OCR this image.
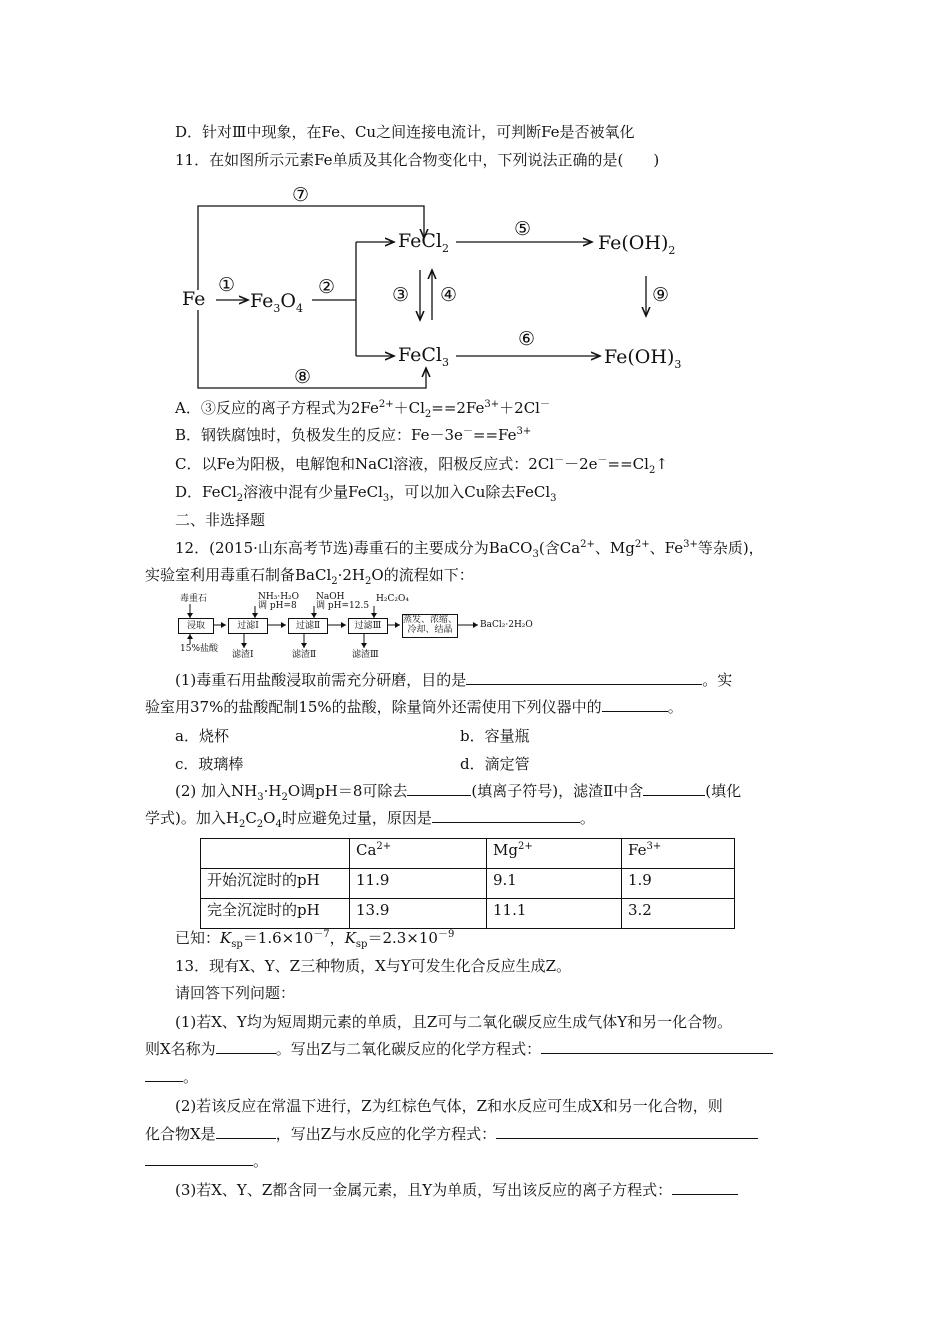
D．针对Ⅲ中现象，在Fe、Cu之间连接电流计，可判断Fe是否被氧化
11．在如图所示元素Fe单质及其化合物变化中，下列说法正确的是(　　)
Fe $Fe_3O_4$
FeCl$_2$
FeCl$_3$
$Fe(OH)_2$
$Fe(OH)_3$
⑦
①	②
⑤
③ ④	⑨
⑥
⑧
A．③反应的离子方程式为$2Fe^{2+}+Cl_2==2Fe^{3+}+2Cl^-$
B．钢铁腐蚀时，负极发生的反应：$Fe-3e^-==Fe^{3+}$
C．以Fe为阳极，电解饱和NaCl溶液，阳极反应式：$2Cl^--2e^-==Cl_2↑$
D．FeCl$_2$溶液中混有少量FeCl$_3$，可以加入Cu除去FeCl$_3$
二、非选择题
12．(2015·山东高考节选)毒重石的主要成分为BaCO$_3$(含$Ca^{2+}$、$Mg^{2+}$、$Fe^{3+}$等杂质)，
实验室利用毒重石制备$BaCl_2\cdot 2H_2O$的流程如下：
毒重石	NH₃·H₂O
调 pH=8
NaOH
调 pH=12.5
H₂C₂O₄
浸取	过滤Ⅰ	过滤Ⅱ	过滤Ⅲ
蒸发、浓缩、
冷却、结晶	BaCl₂·2H₂O
15%盐酸
滤渣Ⅰ	滤渣Ⅱ	滤渣Ⅲ
(1)毒重石用盐酸浸取前需充分研磨，目的是	。实
验室用37%的盐酸配制15%的盐酸，除量筒外还需使用下列仪器中的	。
a．烧杯	b．容量瓶
c．玻璃棒	d．滴定管
(2) 加入$NH_3\cdot H_2O$调pH＝8可除去	(填离子符号)，滤渣Ⅱ中含	(填化
学式)。加入$H_2C_2O_4$时应避免过量，原因是	。
	$Ca^{2+}$	$Mg^{2+}$	$Fe^{3+}$
开始沉淀时的pH	11.9	9.1	1.9
完全沉淀时的pH	13.9	11.1	3.2
已知：$K_{sp}=1.6\times 10^{-7}$，$K_{sp}=2.3\times 10^{-9}$
13．现有X、Y、Z三种物质，X与Y可发生化合反应生成Z。
请回答下列问题：
(1)若X、Y均为短周期元素的单质，且Z可与二氧化碳反应生成气体Y和另一化合物。
则X名称为	。写出Z与二氧化碳反应的化学方程式：
。
(2)若该反应在常温下进行，Z为红棕色气体，Z和水反应可生成X和另一化合物，则
化合物X是	，写出Z与水反应的化学方程式：
。
(3)若X、Y、Z都含同一金属元素，且Y为单质，写出该反应的离子方程式：
